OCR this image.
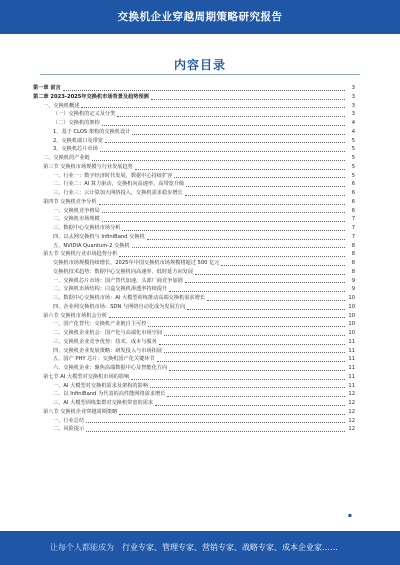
交换机企业穿越周期策略研究报告
内容目录
第一章 前言	3
第二章 2023-2025年交换机市场背景及趋势预测	3
一、交换机概述	3
（一）交换机的定义及分类	3
（二）交换机的架构	4
1、基于 CLOS 架构的交换机设计	4
2、交换机端口及带宽	5
3、交换机芯片市场	5
二、交换机的产业链	5
第三节 交换机市场规模与行业发展趋势	5
一、行业一：数字经济时代发展，数据中心持续扩容	5
二、行业二：AI 算力驱动，交换机向高速率、高带宽升级	6
三、行业三：云计算加大网络投入，交换机需求稳步增长	6
第四节 交换机竞争分析	6
一、交换机竞争格局	6
二、交换机市场规模	7
三、数据中心交换机市场分析	7
四、以太网交换机与 InfiniBand 交换机	7
五、NVIDIA Quantum-2 交换机	8
第五节 交换机行业市场趋势分析	8
交换机市场规模持续增长，2025年中国交换机市场规模将超过 500 亿元	8
交换机技术趋势：数据中心交换机向高速率、低时延方向发展	8
一、交换机芯片市场：国产替代加速，头部厂商竞争加剧	9
二、交换机市场结构：白盒交换机渗透率持续提升	9
三、数据中心交换机市场：AI 大模型训练推动高端交换机需求增长	10
四、企业网交换机市场：SDN 与网络自动化成为发展方向	10
第六节 交换机市场机会分析	10
一、国产化替代：交换机产业链自主可控	10
二、交换机企业机会：国产化与高端化市场空间	10
三、交换机企业竞争优势：技术、成本与服务	11
四、交换机企业发展策略：研发投入与市场拓展	11
五、国产 PHY 芯片：交换机国产化关键环节	11
六、交换机企业：聚焦高端数据中心及智能化方向	11
第七节 AI 大模型对交换机市场的影响	11
一、AI 大模型对交换机需求及架构的影响	11
二、以 InfiniBand 为代表的高性能网络需求增长	12
三、AI 大模型训练集群对交换机带宽的需求	12
第八节 交换机企业穿越周期策略	12
一、行业总结	12
二、风险提示	12
▪
让每个人都能成为 行业专家、管理专家、营销专家、战略专家、成本企业家……
